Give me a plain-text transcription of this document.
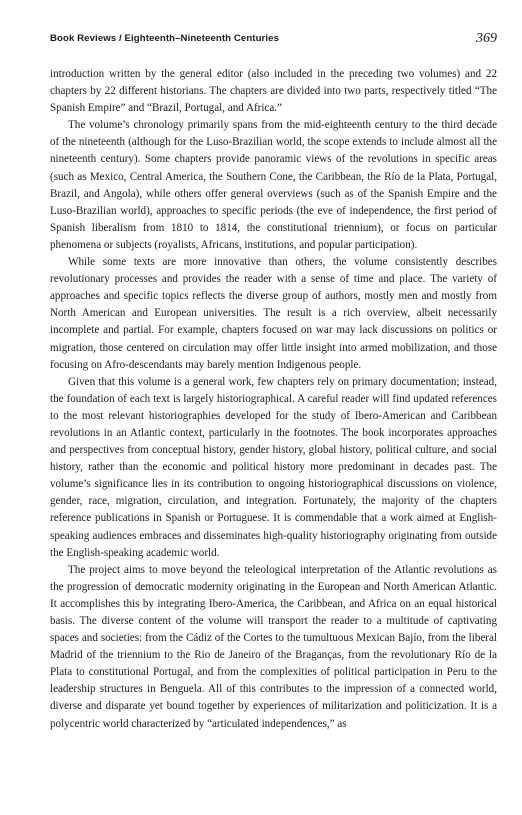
Book Reviews / Eighteenth–Nineteenth Centuries	369

introduction written by the general editor (also included in the preceding two volumes) and 22 chapters by 22 different historians. The chapters are divided into two parts, respectively titled “The Spanish Empire” and “Brazil, Portugal, and Africa.”

The volume’s chronology primarily spans from the mid-eighteenth century to the third decade of the nineteenth (although for the Luso-Brazilian world, the scope extends to include almost all the nineteenth century). Some chapters provide panoramic views of the revolutions in specific areas (such as Mexico, Central America, the Southern Cone, the Caribbean, the Río de la Plata, Portugal, Brazil, and Angola), while others offer general overviews (such as of the Spanish Empire and the Luso-Brazilian world), approaches to specific periods (the eve of independence, the first period of Spanish liberalism from 1810 to 1814, the constitutional triennium), or focus on particular phenomena or subjects (royalists, Africans, institutions, and popular participation).

While some texts are more innovative than others, the volume consistently describes revolutionary processes and provides the reader with a sense of time and place. The variety of approaches and specific topics reflects the diverse group of authors, mostly men and mostly from North American and European universities. The result is a rich overview, albeit necessarily incomplete and partial. For example, chapters focused on war may lack discussions on politics or migration, those centered on circulation may offer little insight into armed mobilization, and those focusing on Afro-descendants may barely mention Indigenous people.

Given that this volume is a general work, few chapters rely on primary documentation; instead, the foundation of each text is largely historiographical. A careful reader will find updated references to the most relevant historiographies developed for the study of Ibero-American and Caribbean revolutions in an Atlantic context, particularly in the footnotes. The book incorporates approaches and perspectives from conceptual history, gender history, global history, political culture, and social history, rather than the economic and political history more predominant in decades past. The volume’s significance lies in its contribution to ongoing historiographical discussions on violence, gender, race, migration, circulation, and integration. Fortunately, the majority of the chapters reference publications in Spanish or Portuguese. It is commendable that a work aimed at English-speaking audiences embraces and disseminates high-quality historiography originating from outside the English-speaking academic world.

The project aims to move beyond the teleological interpretation of the Atlantic revolutions as the progression of democratic modernity originating in the European and North American Atlantic. It accomplishes this by integrating Ibero-America, the Caribbean, and Africa on an equal historical basis. The diverse content of the volume will transport the reader to a multitude of captivating spaces and societies: from the Cádiz of the Cortes to the tumultuous Mexican Bajío, from the liberal Madrid of the triennium to the Rio de Janeiro of the Braganças, from the revolutionary Río de la Plata to constitutional Portugal, and from the complexities of political participation in Peru to the leadership structures in Benguela. All of this contributes to the impression of a connected world, diverse and disparate yet bound together by experiences of militarization and politicization. It is a polycentric world characterized by “articulated independences,” as
